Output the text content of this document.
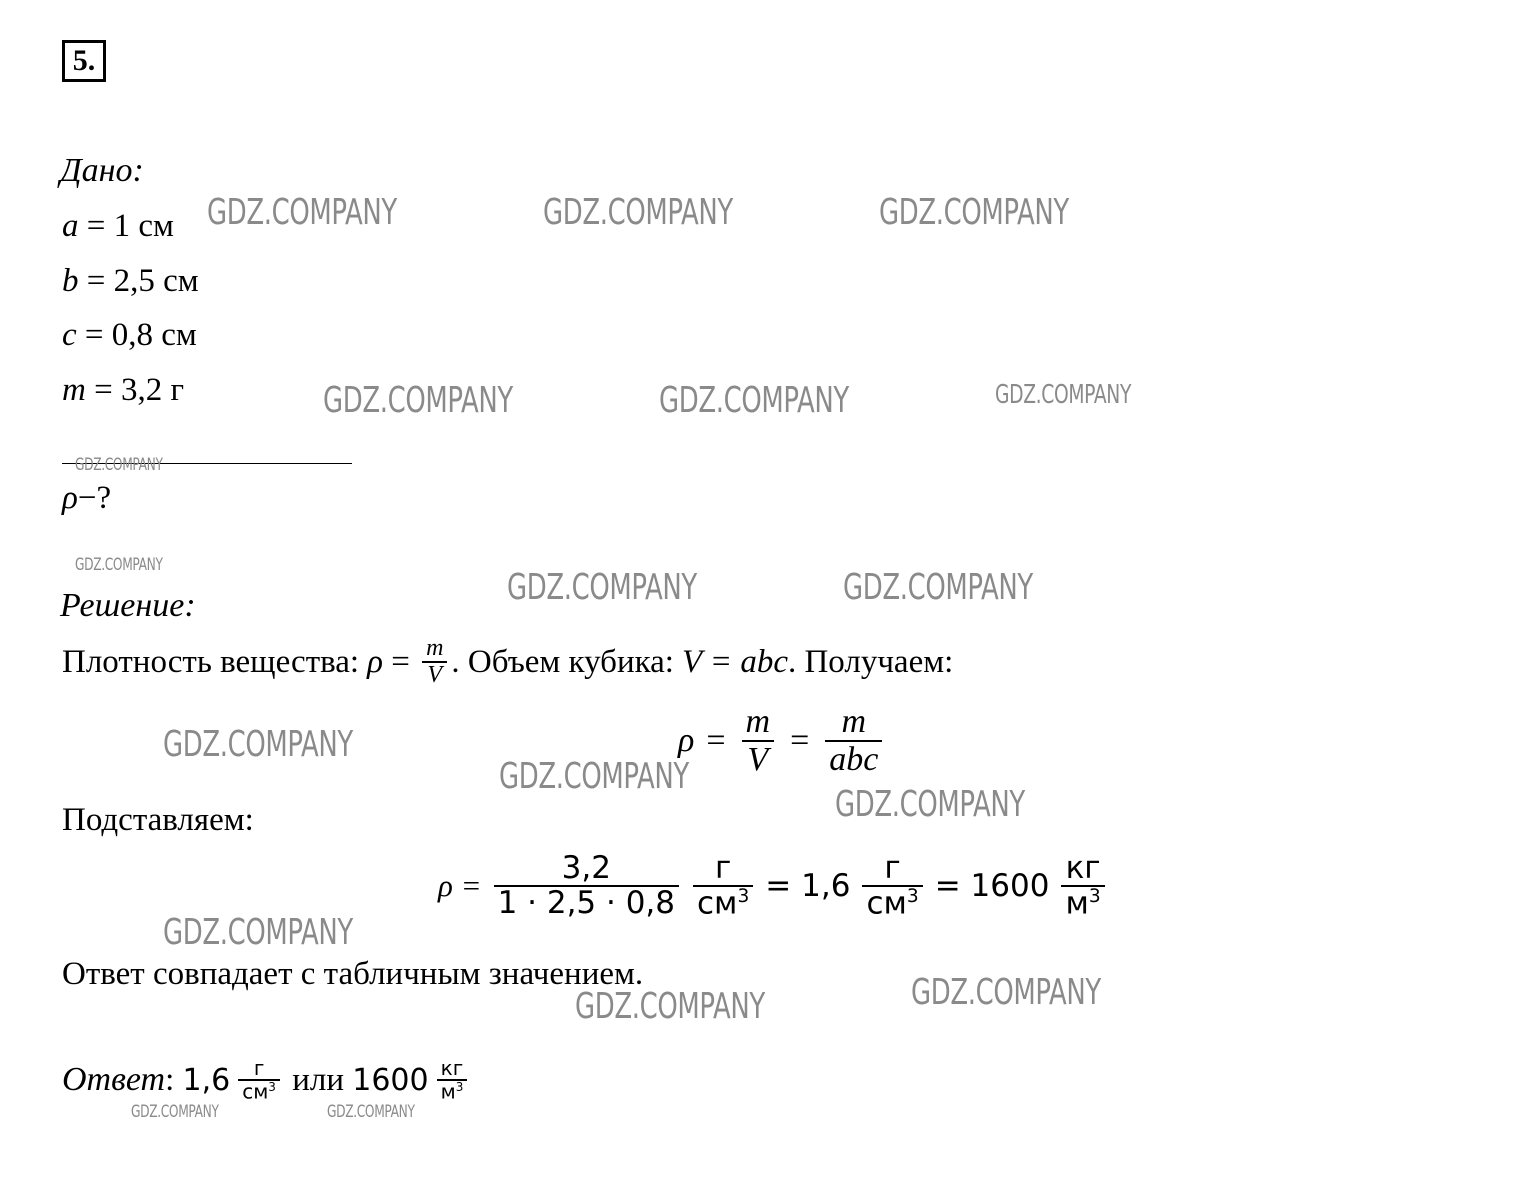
5.
Дано:
a = 1 см
b = 2,5 см
c = 0,8 см
m = 3,2 г
ρ−?
Решение:
Плотность вещества: $\rho = \frac{m}{V}$ . Объем кубика: V = abc . Получаем:
$\rho = \frac{m}{V} = \frac{m}{\text{abc}}$
Подставляем:
$\rho = \frac{3,2}{1 \cdot 2,5 \cdot 0,8} \frac{г}{см^3} = 1,6 \frac{г}{см^3} = 1600 \frac{кг}{м^3}$
Ответ совпадает с табличным значением.
Ответ : $1,6 \frac{г}{см^3}$ или $1600 \frac{кг}{м^3}$
GDZ.COMPANY	GDZ.COMPANY	GDZ.COMPANY
GDZ.COMPANY	GDZ.COMPANY	GDZ.COMPANY
GDZ.COMPANY
GDZ.COMPANY
GDZ.COMPANY	GDZ.COMPANY
GDZ.COMPANY
GDZ.COMPANY
GDZ.COMPANY
GDZ.COMPANY
GDZ.COMPANY	GDZ.COMPANY
GDZ.COMPANY	GDZ.COMPANY
